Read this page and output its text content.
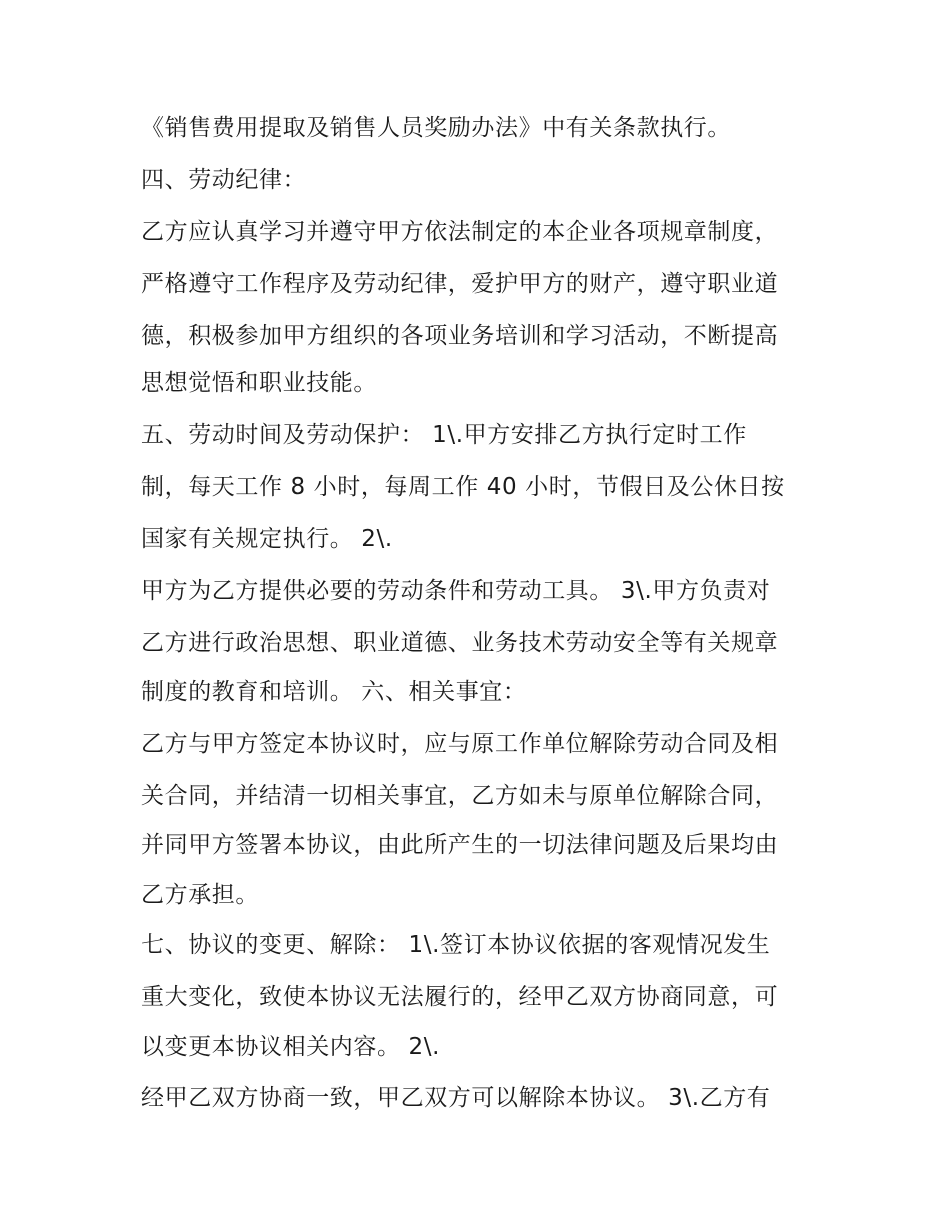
《销售费用提取及销售人员奖励办法》中有关条款执行。

四、劳动纪律：

乙方应认真学习并遵守甲方依法制定的本企业各项规章制度，

严格遵守工作程序及劳动纪律，爱护甲方的财产，遵守职业道

德，积极参加甲方组织的各项业务培训和学习活动，不断提高

思想觉悟和职业技能。

五、劳动时间及劳动保护： 1\.甲方安排乙方执行定时工作

制，每天工作 8 小时，每周工作 40 小时，节假日及公休日按

国家有关规定执行。 2\.

甲方为乙方提供必要的劳动条件和劳动工具。 3\.甲方负责对

乙方进行政治思想、职业道德、业务技术劳动安全等有关规章

制度的教育和培训。 六、相关事宜：

乙方与甲方签定本协议时，应与原工作单位解除劳动合同及相

关合同，并结清一切相关事宜，乙方如未与原单位解除合同，

并同甲方签署本协议，由此所产生的一切法律问题及后果均由

乙方承担。

七、协议的变更、解除： 1\.签订本协议依据的客观情况发生

重大变化，致使本协议无法履行的，经甲乙双方协商同意，可

以变更本协议相关内容。 2\.

经甲乙双方协商一致，甲乙双方可以解除本协议。 3\.乙方有
